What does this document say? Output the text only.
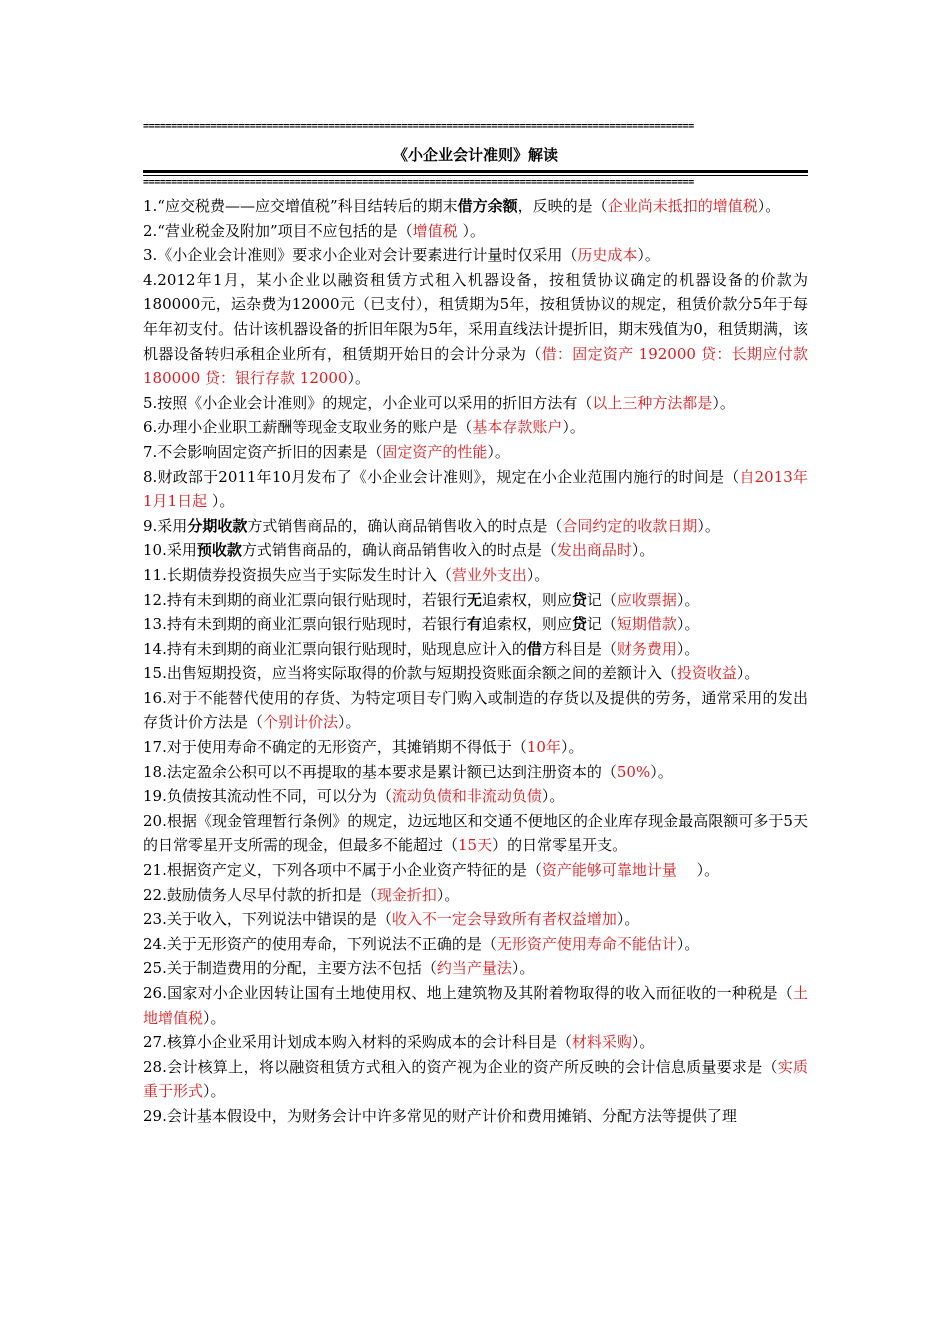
==================================================================================================
《小企业会计准则》解读
==================================================================================================
1.“应交税费——应交增值税”科目结转后的期末借方余额，反映的是（企业尚未抵扣的增值税）。
2.“营业税金及附加”项目不应包括的是（增值税 ）。
3.《小企业会计准则》要求小企业对会计要素进行计量时仅采用（历史成本）。
4.2012年1月，某小企业以融资租赁方式租入机器设备，按租赁协议确定的机器设备的价款为180000元，运杂费为12000元（已支付），租赁期为5年，按租赁协议的规定，租赁价款分5年于每年年初支付。估计该机器设备的折旧年限为5年，采用直线法计提折旧，期末残值为0，租赁期满，该机器设备转归承租企业所有，租赁期开始日的会计分录为（借：固定资产 192000 贷：长期应付款 180000 贷：银行存款 12000）。
5.按照《小企业会计准则》的规定，小企业可以采用的折旧方法有（以上三种方法都是）。
6.办理小企业职工薪酬等现金支取业务的账户是（基本存款账户）。
7.不会影响固定资产折旧的因素是（固定资产的性能）。
8.财政部于2011年10月发布了《小企业会计准则》，规定在小企业范围内施行的时间是（自2013年1月1日起 ）。
9.采用分期收款方式销售商品的，确认商品销售收入的时点是（合同约定的收款日期）。
10.采用预收款方式销售商品的，确认商品销售收入的时点是（发出商品时）。
11.长期债券投资损失应当于实际发生时计入（营业外支出）。
12.持有未到期的商业汇票向银行贴现时，若银行无追索权，则应贷记（应收票据）。
13.持有未到期的商业汇票向银行贴现时，若银行有追索权，则应贷记（短期借款）。
14.持有未到期的商业汇票向银行贴现时，贴现息应计入的借方科目是（财务费用）。
15.出售短期投资，应当将实际取得的价款与短期投资账面余额之间的差额计入（投资收益）。
16.对于不能替代使用的存货、为特定项目专门购入或制造的存货以及提供的劳务，通常采用的发出存货计价方法是（个别计价法）。
17.对于使用寿命不确定的无形资产，其摊销期不得低于（10年）。
18.法定盈余公积可以不再提取的基本要求是累计额已达到注册资本的（50%）。
19.负债按其流动性不同，可以分为（流动负债和非流动负债）。
20.根据《现金管理暂行条例》的规定，边远地区和交通不便地区的企业库存现金最高限额可多于5天的日常零星开支所需的现金，但最多不能超过（15天）的日常零星开支。
21.根据资产定义，下列各项中不属于小企业资产特征的是（资产能够可靠地计量　 ）。
22.鼓励债务人尽早付款的折扣是（现金折扣）。
23.关于收入，下列说法中错误的是（收入不一定会导致所有者权益增加）。
24.关于无形资产的使用寿命，下列说法不正确的是（无形资产使用寿命不能估计）。
25.关于制造费用的分配，主要方法不包括（约当产量法）。
26.国家对小企业因转让国有土地使用权、地上建筑物及其附着物取得的收入而征收的一种税是（土地增值税）。
27.核算小企业采用计划成本购入材料的采购成本的会计科目是（材料采购）。
28.会计核算上，将以融资租赁方式租入的资产视为企业的资产所反映的会计信息质量要求是（实质重于形式）。
29.会计基本假设中，为财务会计中许多常见的财产计价和费用摊销、分配方法等提供了理
